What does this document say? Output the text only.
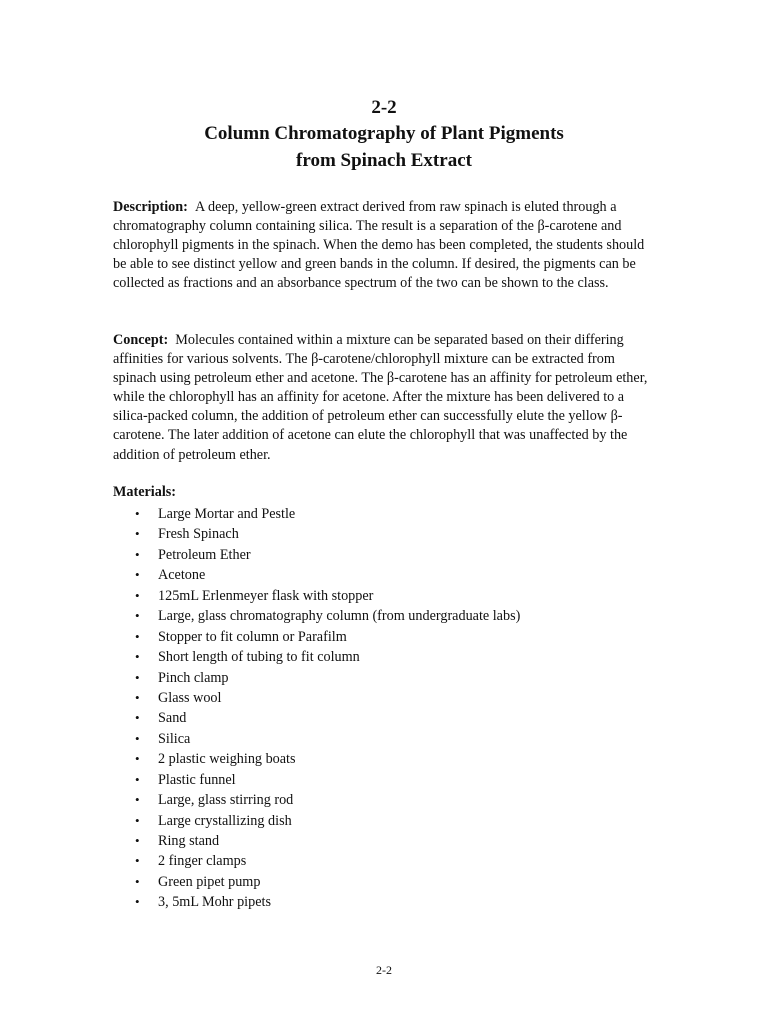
2-2
Column Chromatography of Plant Pigments
from Spinach Extract

Description: A deep, yellow-green extract derived from raw spinach is eluted through a chromatography column containing silica. The result is a separation of the β-carotene and chlorophyll pigments in the spinach. When the demo has been completed, the students should be able to see distinct yellow and green bands in the column. If desired, the pigments can be collected as fractions and an absorbance spectrum of the two can be shown to the class.

Concept: Molecules contained within a mixture can be separated based on their differing affinities for various solvents. The β-carotene/chlorophyll mixture can be extracted from spinach using petroleum ether and acetone. The β-carotene has an affinity for petroleum ether, while the chlorophyll has an affinity for acetone. After the mixture has been delivered to a silica-packed column, the addition of petroleum ether can successfully elute the yellow β-carotene. The later addition of acetone can elute the chlorophyll that was unaffected by the addition of petroleum ether.

Materials:
• Large Mortar and Pestle
• Fresh Spinach
• Petroleum Ether
• Acetone
• 125mL Erlenmeyer flask with stopper
• Large, glass chromatography column (from undergraduate labs)
• Stopper to fit column or Parafilm
• Short length of tubing to fit column
• Pinch clamp
• Glass wool
• Sand
• Silica
• 2 plastic weighing boats
• Plastic funnel
• Large, glass stirring rod
• Large crystallizing dish
• Ring stand
• 2 finger clamps
• Green pipet pump
• 3, 5mL Mohr pipets
2-2
